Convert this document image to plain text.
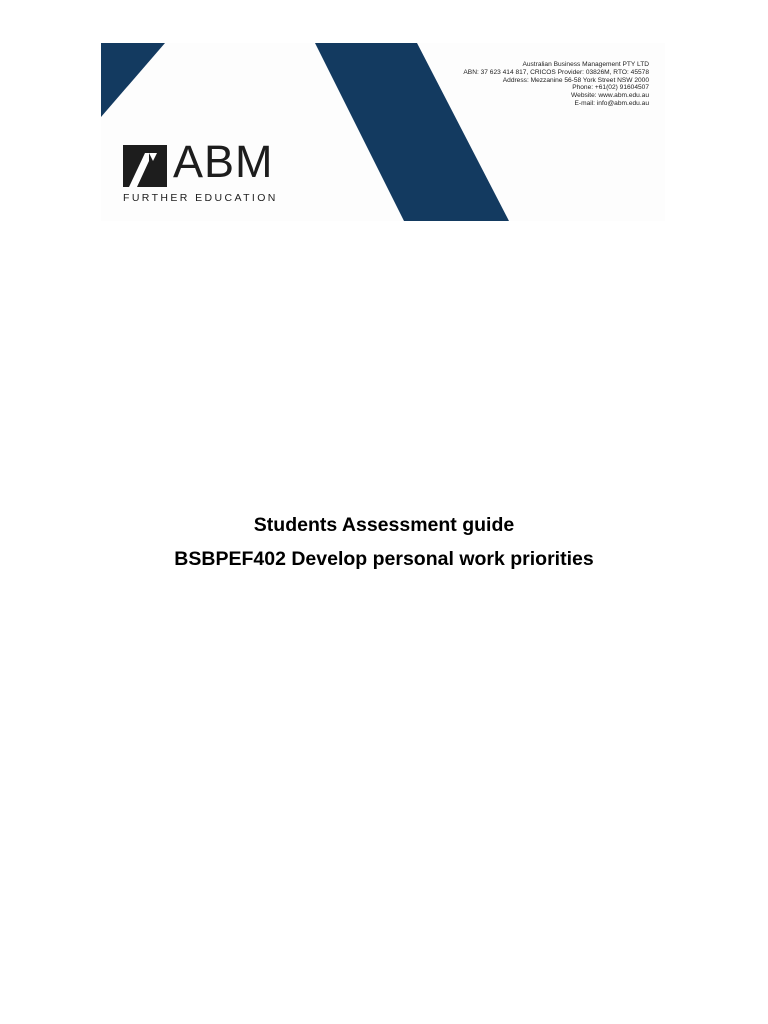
ABM
FURTHER EDUCATION
Australian Business Management PTY LTD
ABN: 37 623 414 817, CRICOS Provider: 03826M, RTO: 45578
Address: Mezzanine 56-58 York Street NSW 2000
Phone: +61(02) 91604507
Website: www.abm.edu.au
E-mail: info@abm.edu.au
Students Assessment guide
BSBPEF402 Develop personal work priorities
